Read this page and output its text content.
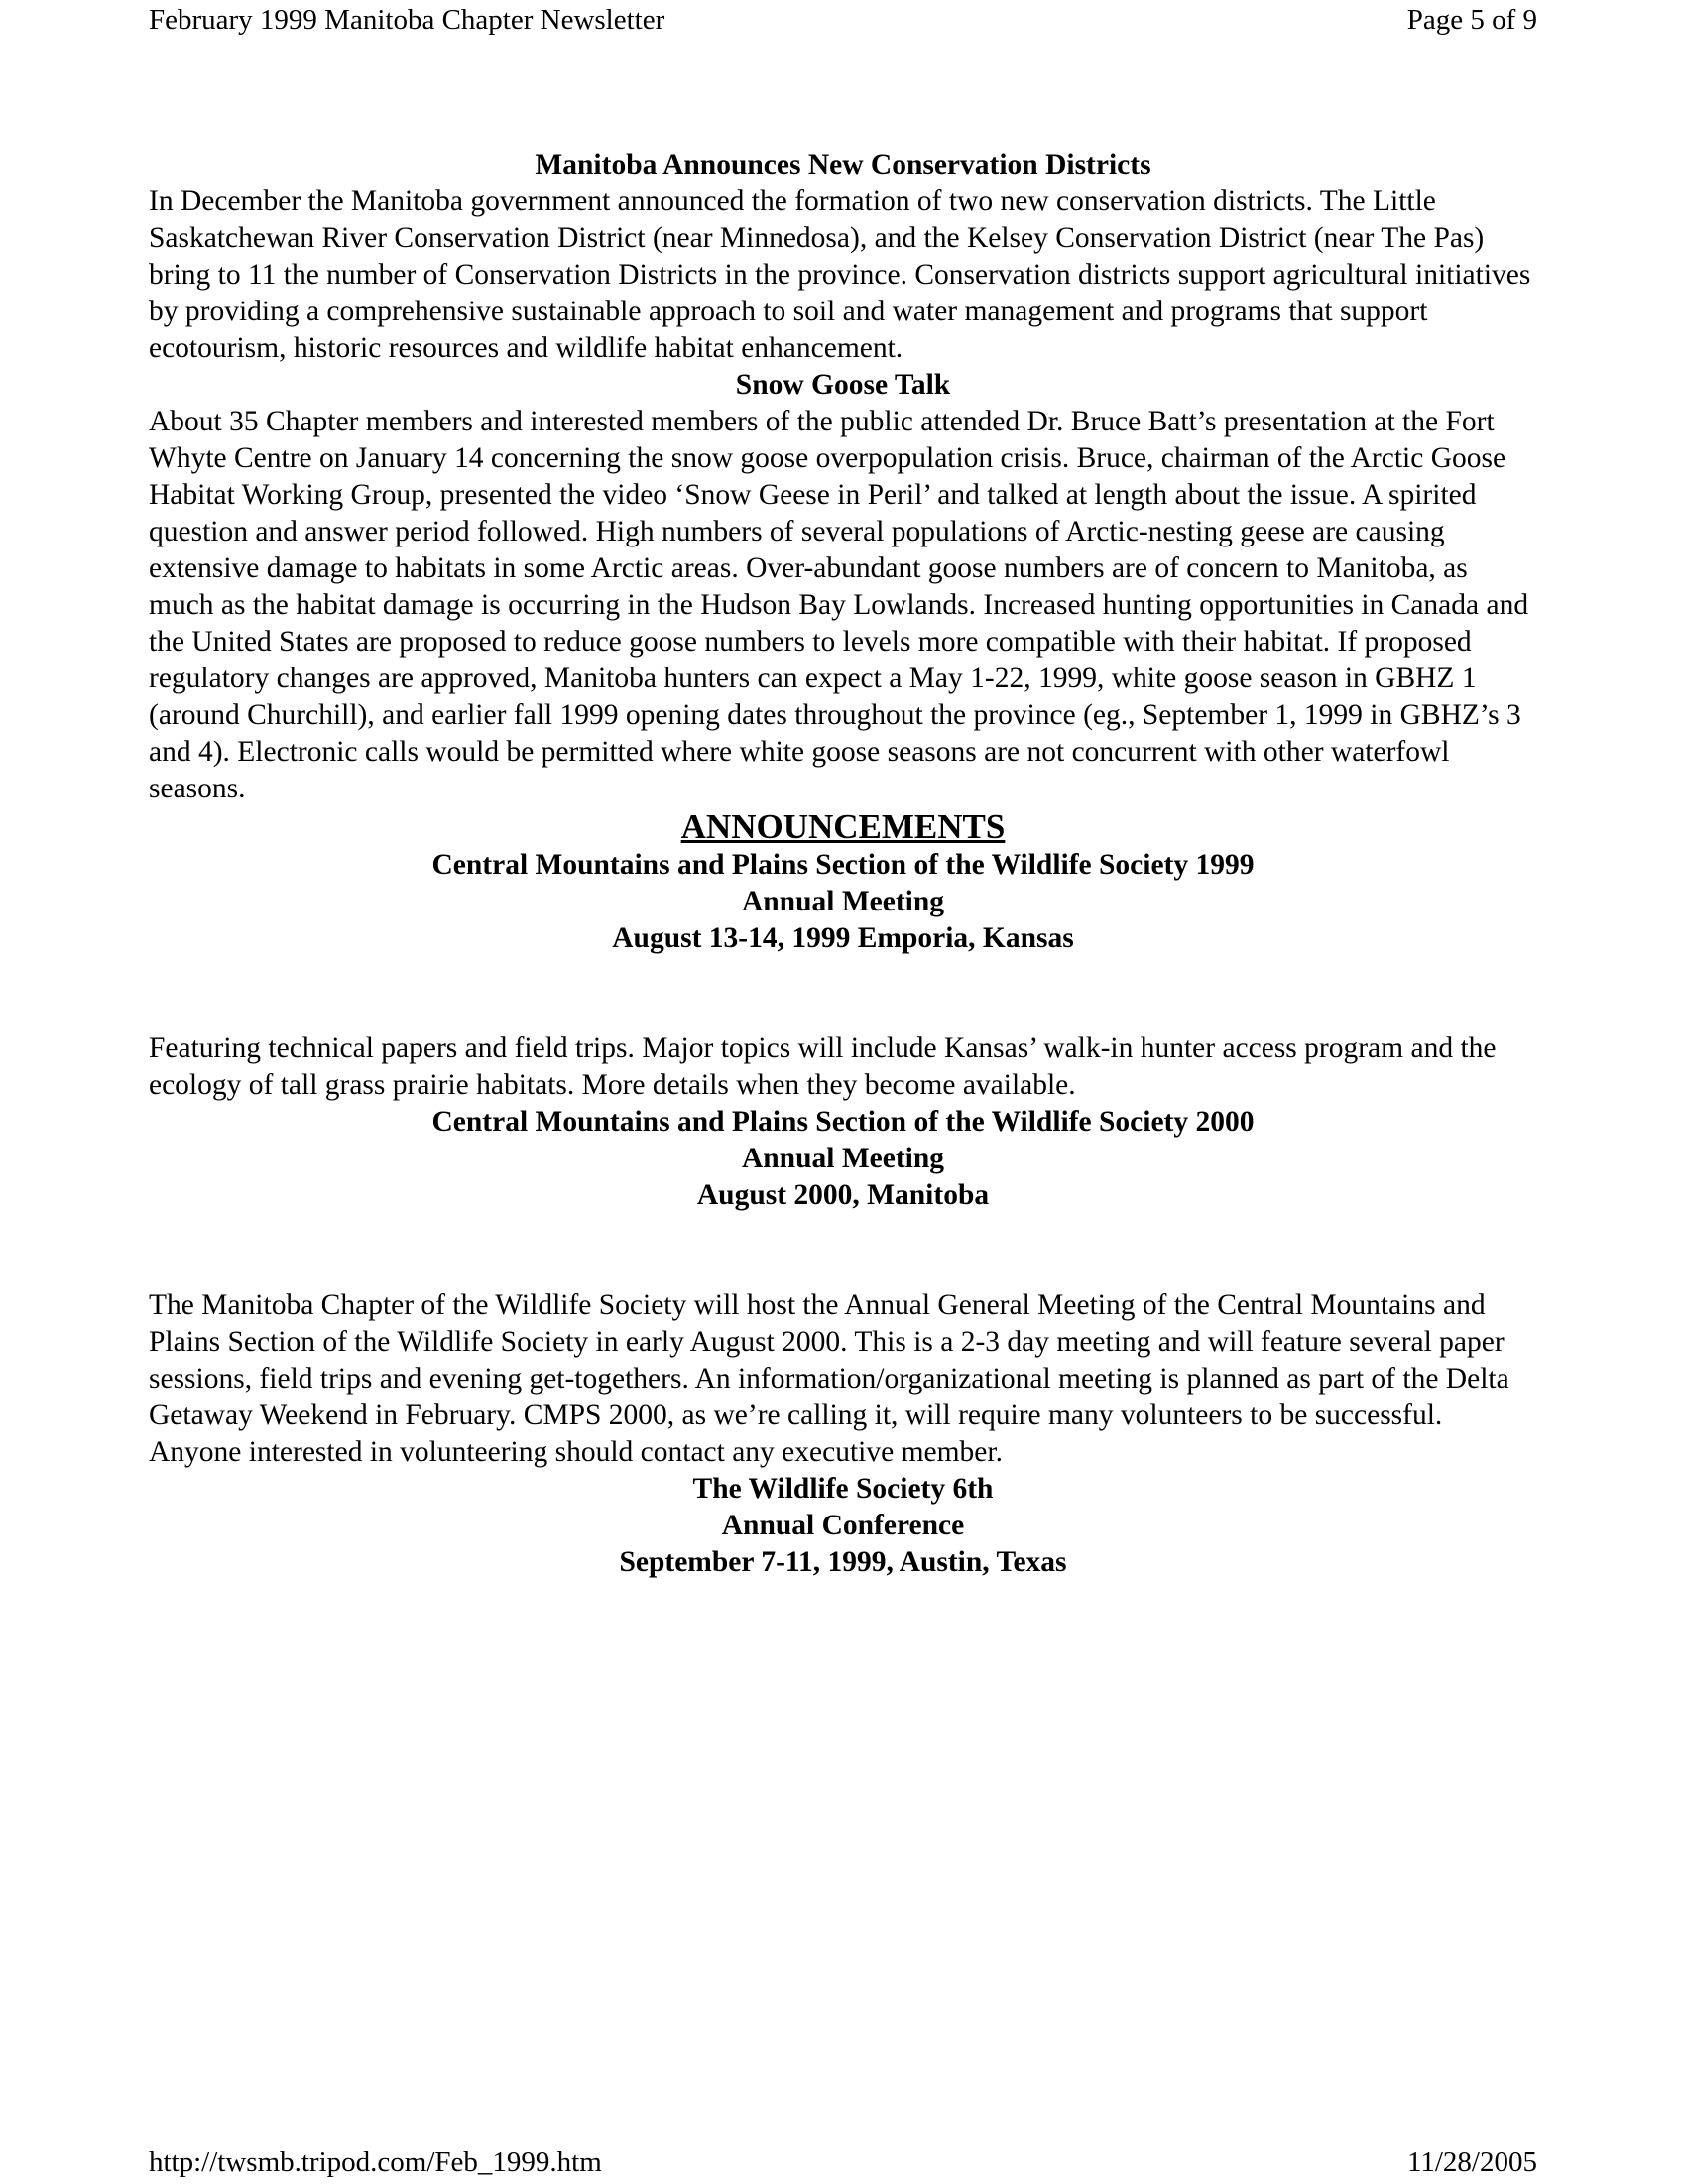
February 1999 Manitoba Chapter Newsletter	Page 5 of 9

Manitoba Announces New Conservation Districts

In December the Manitoba government announced the formation of two new conservation districts. The Little Saskatchewan River Conservation District (near Minnedosa), and the Kelsey Conservation District (near The Pas) bring to 11 the number of Conservation Districts in the province. Conservation districts support agricultural initiatives by providing a comprehensive sustainable approach to soil and water management and programs that support ecotourism, historic resources and wildlife habitat enhancement.

Snow Goose Talk

About 35 Chapter members and interested members of the public attended Dr. Bruce Batt’s presentation at the Fort Whyte Centre on January 14 concerning the snow goose overpopulation crisis. Bruce, chairman of the Arctic Goose Habitat Working Group, presented the video ‘Snow Geese in Peril’ and talked at length about the issue. A spirited question and answer period followed. High numbers of several populations of Arctic-nesting geese are causing extensive damage to habitats in some Arctic areas. Over-abundant goose numbers are of concern to Manitoba, as much as the habitat damage is occurring in the Hudson Bay Lowlands. Increased hunting opportunities in Canada and the United States are proposed to reduce goose numbers to levels more compatible with their habitat. If proposed regulatory changes are approved, Manitoba hunters can expect a May 1-22, 1999, white goose season in GBHZ 1 (around Churchill), and earlier fall 1999 opening dates throughout the province (eg., September 1, 1999 in GBHZ’s 3 and 4). Electronic calls would be permitted where white goose seasons are not concurrent with other waterfowl seasons.

ANNOUNCEMENTS

Central Mountains and Plains Section of the Wildlife Society 1999
Annual Meeting
August 13-14, 1999 Emporia, Kansas

Featuring technical papers and field trips. Major topics will include Kansas’ walk-in hunter access program and the ecology of tall grass prairie habitats. More details when they become available.

Central Mountains and Plains Section of the Wildlife Society 2000
Annual Meeting
August 2000, Manitoba

The Manitoba Chapter of the Wildlife Society will host the Annual General Meeting of the Central Mountains and Plains Section of the Wildlife Society in early August 2000. This is a 2-3 day meeting and will feature several paper sessions, field trips and evening get-togethers. An information/organizational meeting is planned as part of the Delta Getaway Weekend in February. CMPS 2000, as we’re calling it, will require many volunteers to be successful. Anyone interested in volunteering should contact any executive member.

The Wildlife Society 6th
Annual Conference
September 7-11, 1999, Austin, Texas
http://twsmb.tripod.com/Feb_1999.htm	11/28/2005
